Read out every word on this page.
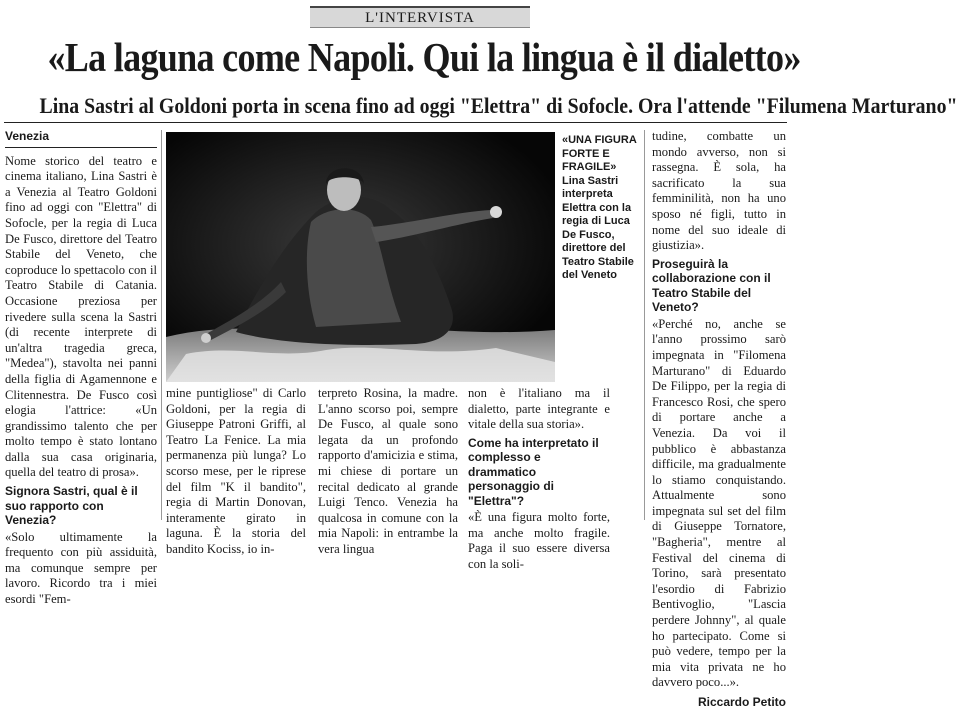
L'INTERVISTA
«La laguna come Napoli. Qui la lingua è il dialetto»
Lina Sastri al Goldoni porta in scena fino ad oggi "Elettra" di Sofocle. Ora l'attende "Filumena Marturano"
Venezia

Nome storico del teatro e cinema italiano, Lina Sastri è a Venezia al Teatro Goldoni fino ad oggi con "Elettra" di Sofocle, per la regia di Luca De Fusco, direttore del Teatro Stabile del Veneto, che coproduce lo spettacolo con il Teatro Stabile di Catania. Occasione preziosa per rivedere sulla scena la Sastri (di recente interprete di un'altra tragedia greca, "Medea"), stavolta nei panni della figlia di Agamennone e Clitennestra. De Fusco così elogia l'attrice: «Un grandissimo talento che per molto tempo è stato lontano dalla sua casa originaria, quella del teatro di prosa».

Signora Sastri, qual è il suo rapporto con Venezia?

«Solo ultimamente la frequento con più assiduità, ma comunque sempre per lavoro. Ricordo tra i miei esordi "Fem-

«UNA FIGURA FORTE E FRAGILE»
Lina Sastri interpreta Elettra con la regia di Luca De Fusco, direttore del Teatro Stabile del Veneto

mine puntigliose" di Carlo Goldoni, per la regia di Giuseppe Patroni Griffi, al Teatro La Fenice. La mia permanenza più lunga? Lo scorso mese, per le riprese del film "K il bandito", regia di Martin Donovan, interamente girato in laguna. È la storia del bandito Kociss, io in-

terpreto Rosina, la madre. L'anno scorso poi, sempre De Fusco, al quale sono legata da un profondo rapporto d'amicizia e stima, mi chiese di portare un recital dedicato al grande Luigi Tenco. Venezia ha qualcosa in comune con la mia Napoli: in entrambe la vera lingua

non è l'italiano ma il dialetto, parte integrante e vitale della sua storia».

Come ha interpretato il complesso e drammatico personaggio di "Elettra"?

«È una figura molto forte, ma anche molto fragile. Paga il suo essere diversa con la soli-

tudine, combatte un mondo avverso, non si rassegna. È sola, ha sacrificato la sua femminilità, non ha uno sposo né figli, tutto in nome del suo ideale di giustizia».

Proseguirà la collaborazione con il Teatro Stabile del Veneto?

«Perché no, anche se l'anno prossimo sarò impegnata in "Filomena Marturano" di Eduardo De Filippo, per la regia di Francesco Rosi, che spero di portare anche a Venezia. Da voi il pubblico è abbastanza difficile, ma gradualmente lo stiamo conquistando. Attualmente sono impegnata sul set del film di Giuseppe Tornatore, "Bagheria", mentre al Festival del cinema di Torino, sarà presentato l'esordio di Fabrizio Bentivoglio, "Lascia perdere Johnny", al quale ho partecipato. Come si può vedere, tempo per la mia vita privata ne ho davvero poco...».

Riccardo Petito
